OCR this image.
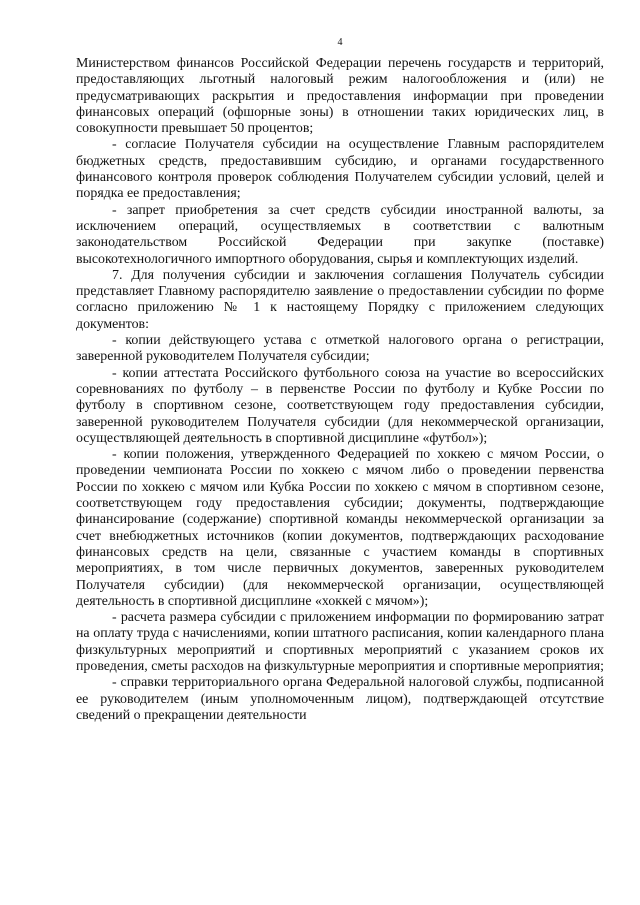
4

Министерством финансов Российской Федерации перечень государств и территорий, предоставляющих льготный налоговый режим налогообложения и (или) не предусматривающих раскрытия и предоставления информации при проведении финансовых операций (офшорные зоны) в отношении таких юридических лиц, в совокупности превышает 50 процентов;

- согласие Получателя субсидии на осуществление Главным распорядителем бюджетных средств, предоставившим субсидию, и органами государственного финансового контроля проверок соблюдения Получателем субсидии условий, целей и порядка ее предоставления;

- запрет приобретения за счет средств субсидии иностранной валюты, за исключением операций, осуществляемых в соответствии с валютным законодательством Российской Федерации при закупке (поставке) высокотехнологичного импортного оборудования, сырья и комплектующих изделий.

7. Для получения субсидии и заключения соглашения Получатель субсидии представляет Главному распорядителю заявление о предоставлении субсидии по форме согласно приложению № 1 к настоящему Порядку с приложением следующих документов:

- копии действующего устава с отметкой налогового органа о регистрации, заверенной руководителем Получателя субсидии;

- копии аттестата Российского футбольного союза на участие во всероссийских соревнованиях по футболу – в первенстве России по футболу и Кубке России по футболу в спортивном сезоне, соответствующем году предоставления субсидии, заверенной руководителем Получателя субсидии (для некоммерческой организации, осуществляющей деятельность в спортивной дисциплине «футбол»);

- копии положения, утвержденного Федерацией по хоккею с мячом России, о проведении чемпионата России по хоккею с мячом либо о проведении первенства России по хоккею с мячом или Кубка России по хоккею с мячом в спортивном сезоне, соответствующем году предоставления субсидии; документы, подтверждающие финансирование (содержание) спортивной команды некоммерческой организации за счет внебюджетных источников (копии документов, подтверждающих расходование финансовых средств на цели, связанные с участием команды в спортивных мероприятиях, в том числе первичных документов, заверенных руководителем Получателя субсидии) (для некоммерческой организации, осуществляющей деятельность в спортивной дисциплине «хоккей с мячом»);

- расчета размера субсидии с приложением информации по формированию затрат на оплату труда с начислениями, копии штатного расписания, копии календарного плана физкультурных мероприятий и спортивных мероприятий с указанием сроков их проведения, сметы расходов на физкультурные мероприятия и спортивные мероприятия;

- справки территориального органа Федеральной налоговой службы, подписанной ее руководителем (иным уполномоченным лицом), подтверждающей отсутствие сведений о прекращении деятельности
